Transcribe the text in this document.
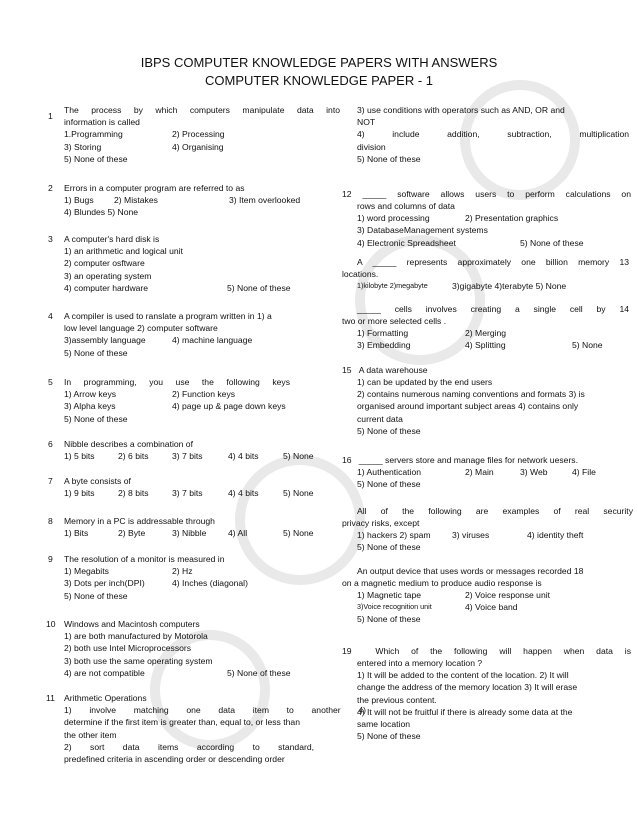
IBPS COMPUTER KNOWLEDGE PAPERS WITH ANSWERS
COMPUTER KNOWLEDGE PAPER - 1
1
The process by which computers manipulate data into
information is called
1.Programming	2) Processing
3) Storing	4) Organising
5) None of these
2 Errors in a computer program are referred to as
1) Bugs	2) Mistakes	3) Item overlooked
4) Blundes 5) None
3 A computer's hard disk is
1) an arithmetic and logical unit
2) computer osftware
3) an operating system
4) computer hardware	5) None of these
4 A compiler is used to ranslate a program written in 1) a
low level language 2) computer software
3)assembly language	4) machine language
5) None of these
5 In programming, you use the following keys
1) Arrow keys	2) Function keys
3) Alpha keys	4) page up & page down keys
5) None of these
6 Nibble describes a combination of
1) 5 bits	2) 6 bits	3) 7 bits	4) 4 bits	5) None
7 A byte consists of
1) 9 bits	2) 8 bits	3) 7 bits	4) 4 bits	5) None
8 Memory in a PC is addressable through
1) Bits	2) Byte	3) Nibble	4) All	5) None
9 The resolution of a monitor is measured in
1) Megabits	2) Hz
3) Dots per inch(DPI)	4) Inches (diagonal)
5) None of these
10 Windows and Macintosh computers
1) are both manufactured by Motorola
2) both use Intel Microprocessors
3) both use the same operating system
4) are not compatible	5) None of these
11 Arithmetic Operations
1) involve matching one data item to another 4)
determine if the first item is greater than, equal to, or less than
the other item
2) sort data items according to standard,
predefined criteria in ascending order or descending order
3) use conditions with operators such as AND, OR and
NOT
4) include addition, subtraction, multiplication
division
5) None of these
12 _____ software allows users to perform calculations on
rows and columns of data
1) word processing	2) Presentation graphics
3) DatabaseManagement systems
4) Electronic Spreadsheet	5) None of these
A _____ represents approximately one billion memory 13
locations.
1)kilobyte 2)megabyte	3)gigabyte 4)terabyte 5) None
_____ cells involves creating a single cell by 14
two or more selected cells .
1) Formatting	2) Merging
3) Embedding	4) Splitting	5) None
15 A data warehouse
1) can be updated by the end users
2) contains numerous naming conventions and formats 3) is
organised around important subject areas 4) contains only
current data
5) None of these
16 _____ servers store and manage files for network uesers.
1) Authentication	2) Main	3) Web	4) File
5) None of these
All of the following are examples of real security
privacy risks, except
1) hackers 2) spam	3) viruses	4) identity theft
5) None of these
An output device that uses words or messages recorded 18
on a magnetic medium to produce audio response is
1) Magnetic tape	2) Voice response unit
3)Voice recognition unit	4) Voice band
5) None of these
19	Which of the following will happen when data is
entered into a memory location ?
1) It will be added to the content of the location. 2) It will
change the address of the memory location 3) It will erase
the previous content.
4) It will not be fruitful if there is already some data at the
same location
5) None of these
